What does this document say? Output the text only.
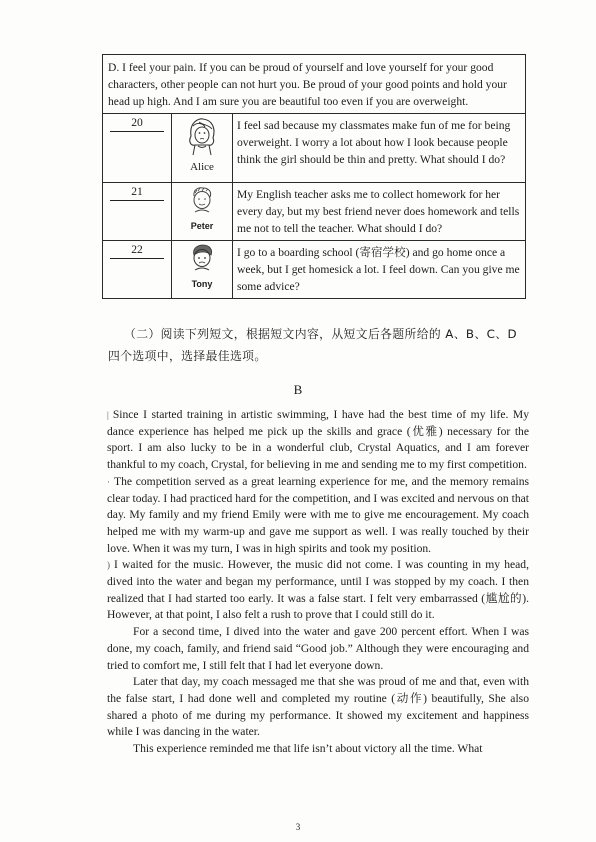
D. I feel your pain. If you can be proud of yourself and love yourself for your good characters, other people can not hurt you. Be proud of your good points and hold your head up high. And I am sure you are beautiful too even if you are overweight.		
20	Alice	I feel sad because my classmates make fun of me for being overweight. I worry a lot about how I look because people think the girl should be thin and pretty. What should I do?
21	Peter	My English teacher asks me to collect homework for her every day, but my best friend never does homework and tells me not to tell the teacher. What should I do?
22	Tony	I go to a boarding school (寄宿学校) and go home once a week, but I get homesick a lot. I feel down. Can you give me some advice?

（二）阅读下列短文，根据短文内容，从短文后各题所给的 A、B、C、D

四个选项中，选择最佳选项。

B

| Since I started training in artistic swimming, I have had the best time of my life. My dance experience has helped me pick up the skills and grace (优雅) necessary for the sport. I am also lucky to be in a wonderful club, Crystal Aquatics, and I am forever thankful to my coach, Crystal, for believing in me and sending me to my first competition.

· The competition served as a great learning experience for me, and the memory remains clear today. I had practiced hard for the competition, and I was excited and nervous on that day. My family and my friend Emily were with me to give me encouragement. My coach helped me with my warm-up and gave me support as well. I was really touched by their love. When it was my turn, I was in high spirits and took my position.

) I waited for the music. However, the music did not come. I was counting in my head, dived into the water and began my performance, until I was stopped by my coach. I then realized that I had started too early. It was a false start. I felt very embarrassed (尴尬的). However, at that point, I also felt a rush to prove that I could still do it.

For a second time, I dived into the water and gave 200 percent effort. When I was done, my coach, family, and friend said “Good job.” Although they were encouraging and tried to comfort me, I still felt that I had let everyone down.

Later that day, my coach messaged me that she was proud of me and that, even with the false start, I had done well and completed my routine (动作) beautifully, She also shared a photo of me during my performance. It showed my excitement and happiness while I was dancing in the water.

This experience reminded me that life isn’t about victory all the time. What

3
